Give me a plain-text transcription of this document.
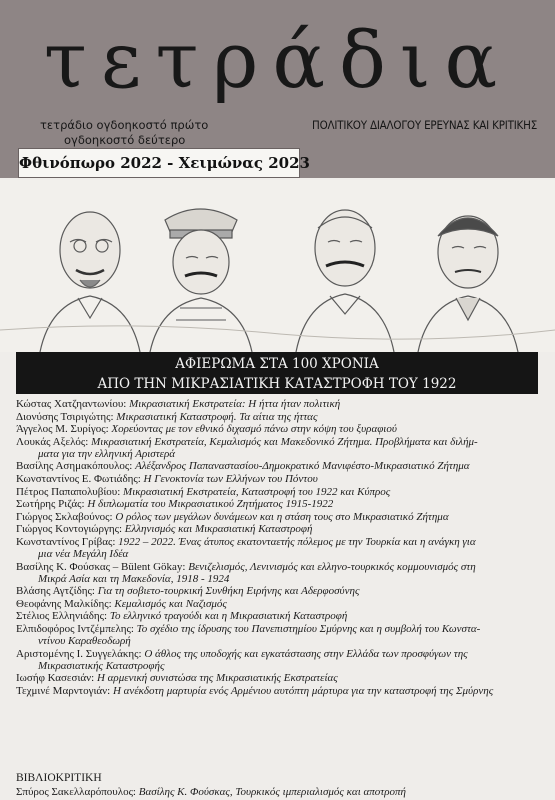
τετράδια
τετράδιο ογδοηκοστό πρώτο
ογδοηκοστό δεύτερο
ΠΟΛΙΤΙΚΟΥ ΔΙΑΛΟΓΟΥ ΕΡΕΥΝΑΣ ΚΑΙ ΚΡΙΤΙΚΗΣ
Φθινόπωρο 2022 - Χειμώνας 2023
ΑΦΙΕΡΩΜΑ ΣΤΑ 100 ΧΡΟΝΙΑ
ΑΠΟ ΤΗΝ ΜΙΚΡΑΣΙΑΤΙΚΗ ΚΑΤΑΣΤΡΟΦΗ ΤΟΥ 1922
Κώστας Χατζηαντωνίου: Μικρασιατική Εκστρατεία: Η ήττα ήταν πολιτική
Διονύσης Τσιριγώτης: Μικρασιατική Καταστροφή. Τα αίτια της ήττας
Άγγελος Μ. Συρίγος: Χορεύοντας με τον εθνικό διχασμό πάνω στην κόψη του ξυραφιού
Λουκάς Αξελός: Μικρασιατική Εκστρατεία, Κεμαλισμός και Μακεδονικό Ζήτημα. Προβλήματα και διλήμ-
ματα για την ελληνική Αριστερά
Βασίλης Ασημακόπουλος: Αλέξανδρος Παπαναστασίου-Δημοκρατικό Μανιφέστο-Μικρασιατικό Ζήτημα
Κωνσταντίνος Ε. Φωτιάδης: Η Γενοκτονία των Ελλήνων του Πόντου
Πέτρος Παπαπολυβίου: Μικρασιατική Εκστρατεία, Καταστροφή του 1922 και Κύπρος
Σωτήρης Ριζάς: Η διπλωματία του Μικρασιατικού Ζητήματος 1915-1922
Γιώργος Σκλαβούνος: Ο ρόλος των μεγάλων δυνάμεων και η στάση τους στο Μικρασιατικό Ζήτημα
Γιώργος Κοντογιώργης: Ελληνισμός και Μικρασιατική Καταστροφή
Κωνσταντίνος Γρίβας: 1922 – 2022. Ένας άτυπος εκατονταετής πόλεμος με την Τουρκία και η ανάγκη για
μια νέα Μεγάλη Ιδέα
Βασίλης Κ. Φούσκας – Bülent Gökay: Βενιζελισμός, Λενινισμός και ελληνο-τουρκικός κομμουνισμός στη
Μικρά Ασία και τη Μακεδονία, 1918 - 1924
Βλάσης Αγτζίδης: Για τη σοβιετο-τουρκική Συνθήκη Ειρήνης και Αδερφοσύνης
Θεοφάνης Μαλκίδης: Κεμαλισμός και Ναζισμός
Στέλιος Ελληνιάδης: Το ελληνικό τραγούδι και η Μικρασιατική Καταστροφή
Ελπιδοφόρος Ιντζέμπελης: Το σχέδιο της ίδρυσης του Πανεπιστημίου Σμύρνης και η συμβολή του Κωνστα-
ντίνου Καραθεοδωρή
Αριστομένης Ι. Συγγελάκης: Ο άθλος της υποδοχής και εγκατάστασης στην Ελλάδα των προσφύγων της
Μικρασιατικής Καταστροφής
Ιωσήφ Κασεσιάν: Η αρμενική συνιστώσα της Μικρασιατικής Εκστρατείας
Τεχμινέ Μαρντογιάν: Η ανέκδοτη μαρτυρία ενός Αρμένιου αυτόπτη μάρτυρα για την καταστροφή της Σμύρνης
ΒΙΒΛΙΟΚΡΙΤΙΚΗ
Σπύρος Σακελλαρόπουλος: Βασίλης Κ. Φούσκας, Τουρκικός ιμπεριαλισμός και αποτροπή
